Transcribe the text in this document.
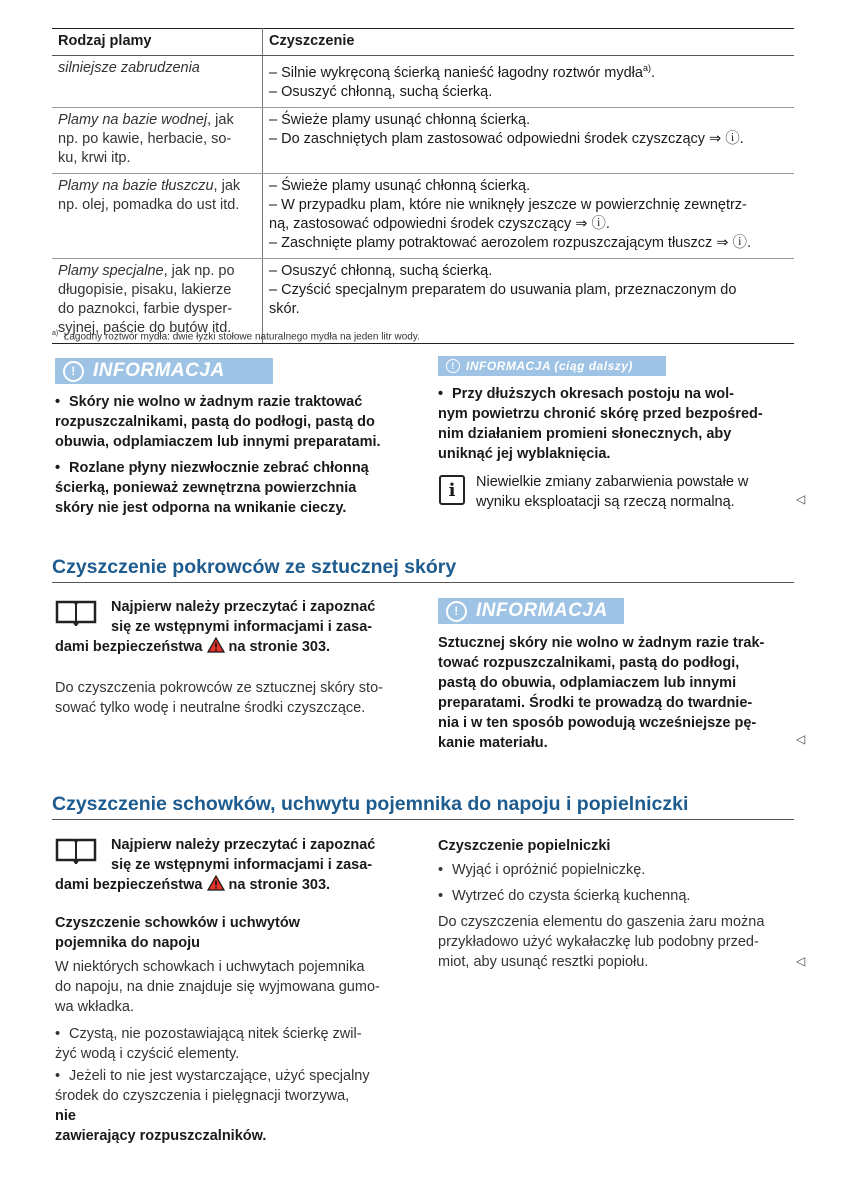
Rodzaj plamy	Czyszczenie

silniejsze zabrudzenia	– Silnie wykręconą ścierką nanieść łagodny roztwór mydła$^{a)}$.
– Osuszyć chłonną, suchą ścierką.

Plamy na bazie wodnej, jak
np. po kawie, herbacie, so-
ku, krwi itp.	– Świeże plamy usunąć chłonną ścierką.
– Do zaschniętych plam zastosować odpowiedni środek czyszczący ⇒ ⓘ.

Plamy na bazie tłuszczu, jak
np. olej, pomadka do ust itd.	– Świeże plamy usunąć chłonną ścierką.
– W przypadku plam, które nie wniknęły jeszcze w powierzchnię zewnętrz-
ną, zastosować odpowiedni środek czyszczący ⇒ ⓘ.
– Zaschnięte plamy potraktować aerozolem rozpuszczającym tłuszcz ⇒ ⓘ.

Plamy specjalne, jak np. po
długopisie, pisaku, lakierze
do paznokci, farbie dysper-
syjnej, paście do butów itd.	– Osuszyć chłonną, suchą ścierką.
– Czyścić specjalnym preparatem do usuwania plam, przeznaczonym do
skór.
$^{a)}$ Łagodny roztwór mydła: dwie łyżki stołowe naturalnego mydła na jeden litr wody.
! INFORMACJA
• Skóry nie wolno w żadnym razie traktować
rozpuszczalnikami, pastą do podłogi, pastą do
obuwia, odplamiaczem lub innymi preparatami.
• Rozlane płyny niezwłocznie zebrać chłonną
ścierką, ponieważ zewnętrzna powierzchnia
skóry nie jest odporna na wnikanie cieczy.
! INFORMACJA (ciąg dalszy)
• Przy dłuższych okresach postoju na wol-
nym powietrzu chronić skórę przed bezpośred-
nim działaniem promieni słonecznych, aby
uniknąć jej wyblaknięcia.
i	Niewielkie zmiany zabarwienia powstałe w
wyniku eksploatacji są rzeczą normalną.	◁
Czyszczenie pokrowców ze sztucznej skóry
Najpierw należy przeczytać i zapoznać
się ze wstępnymi informacjami i zasa-
dami bezpieczeństwa na stronie 303.
Do czyszczenia pokrowców ze sztucznej skóry sto-
sować tylko wodę i neutralne środki czyszczące.
! INFORMACJA
Sztucznej skóry nie wolno w żadnym razie trak-
tować rozpuszczalnikami, pastą do podłogi,
pastą do obuwia, odplamiaczem lub innymi
preparatami. Środki te prowadzą do twardnie-
nia i w ten sposób powodują wcześniejsze pę-
kanie materiału.	◁
Czyszczenie schowków, uchwytu pojemnika do napoju i popielniczki
Najpierw należy przeczytać i zapoznać
się ze wstępnymi informacjami i zasa-
dami bezpieczeństwa na stronie 303.
Czyszczenie schowków i uchwytów
pojemnika do napoju
W niektórych schowkach i uchwytach pojemnika
do napoju, na dnie znajduje się wyjmowana gumo-
wa wkładka.
• Czystą, nie pozostawiającą nitek ścierkę zwil-
żyć wodą i czyścić elementy.
• Jeżeli to nie jest wystarczające, użyć specjalny
środek do czyszczenia i pielęgnacji tworzywa,
nie
zawierający rozpuszczalników.
Czyszczenie popielniczki
• Wyjąć i opróżnić popielniczkę.
• Wytrzeć do czysta ścierką kuchenną.
Do czyszczenia elementu do gaszenia żaru można
przykładowo użyć wykałaczkę lub podobny przed-
miot, aby usunąć resztki popiołu.	◁
